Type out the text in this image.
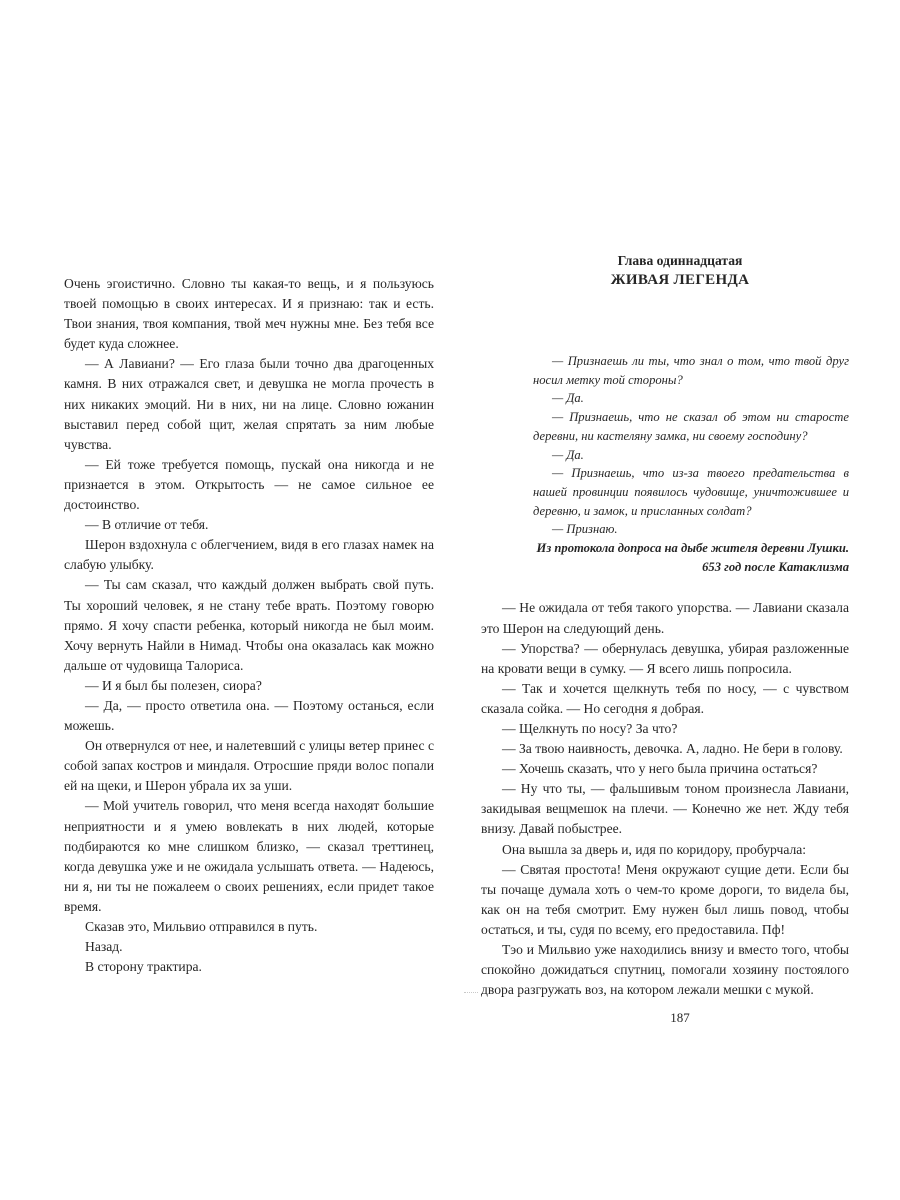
Очень эгоистично. Словно ты какая-то вещь, и я пользуюсь твоей помощью в своих интересах. И я признаю: так и есть. Твои знания, твоя компания, твой меч нужны мне. Без тебя все будет куда сложнее.

— А Лавиани? — Его глаза были точно два драгоценных камня. В них отражался свет, и девушка не могла прочесть в них никаких эмоций. Ни в них, ни на лице. Словно южанин выставил перед собой щит, желая спрятать за ним любые чувства.

— Ей тоже требуется помощь, пускай она никогда и не признается в этом. Открытость — не самое сильное ее достоинство.

— В отличие от тебя.

Шерон вздохнула с облегчением, видя в его глазах намек на слабую улыбку.

— Ты сам сказал, что каждый должен выбрать свой путь. Ты хороший человек, я не стану тебе врать. Поэтому говорю прямо. Я хочу спасти ребенка, который никогда не был моим. Хочу вернуть Найли в Нимад. Чтобы она оказалась как можно дальше от чудовища Талориса.

— И я был бы полезен, сиора?

— Да, — просто ответила она. — Поэтому останься, если можешь.

Он отвернулся от нее, и налетевший с улицы ветер принес с собой запах костров и миндаля. Отросшие пряди волос попали ей на щеки, и Шерон убрала их за уши.

— Мой учитель говорил, что меня всегда находят большие неприятности и я умею вовлекать в них людей, которые подбираются ко мне слишком близко, — сказал треттинец, когда девушка уже и не ожидала услышать ответа. — Надеюсь, ни я, ни ты не пожалеем о своих решениях, если придет такое время.

Сказав это, Мильвио отправился в путь.

Назад.

В сторону трактира.

Глава одиннадцатая
ЖИВАЯ ЛЕГЕНДА

— Признаешь ли ты, что знал о том, что твой друг носил метку той стороны?

— Да.

— Признаешь, что не сказал об этом ни старосте деревни, ни кастеляну замка, ни своему господину?

— Да.

— Признаешь, что из-за твоего предательства в нашей провинции появилось чудовище, уничтожившее и деревню, и замок, и присланных солдат?

— Признаю.

Из протокола допроса на дыбе жителя деревни Лушки.

653 год после Катаклизма

— Не ожидала от тебя такого упорства. — Лавиани сказала это Шерон на следующий день.

— Упорства? — обернулась девушка, убирая разложенные на кровати вещи в сумку. — Я всего лишь попросила.

— Так и хочется щелкнуть тебя по носу, — с чувством сказала сойка. — Но сегодня я добрая.

— Щелкнуть по носу? За что?

— За твою наивность, девочка. А, ладно. Не бери в голову.

— Хочешь сказать, что у него была причина остаться?

— Ну что ты, — фальшивым тоном произнесла Лавиани, закидывая вещмешок на плечи. — Конечно же нет. Жду тебя внизу. Давай побыстрее.

Она вышла за дверь и, идя по коридору, пробурчала:

— Святая простота! Меня окружают сущие дети. Если бы ты почаще думала хоть о чем-то кроме дороги, то видела бы, как он на тебя смотрит. Ему нужен был лишь повод, чтобы остаться, и ты, судя по всему, его предоставила. Пф!

Тэо и Мильвио уже находились внизу и вместо того, чтобы спокойно дожидаться спутниц, помогали хозяину постоялого двора разгружать воз, на котором лежали мешки с мукой.

187
